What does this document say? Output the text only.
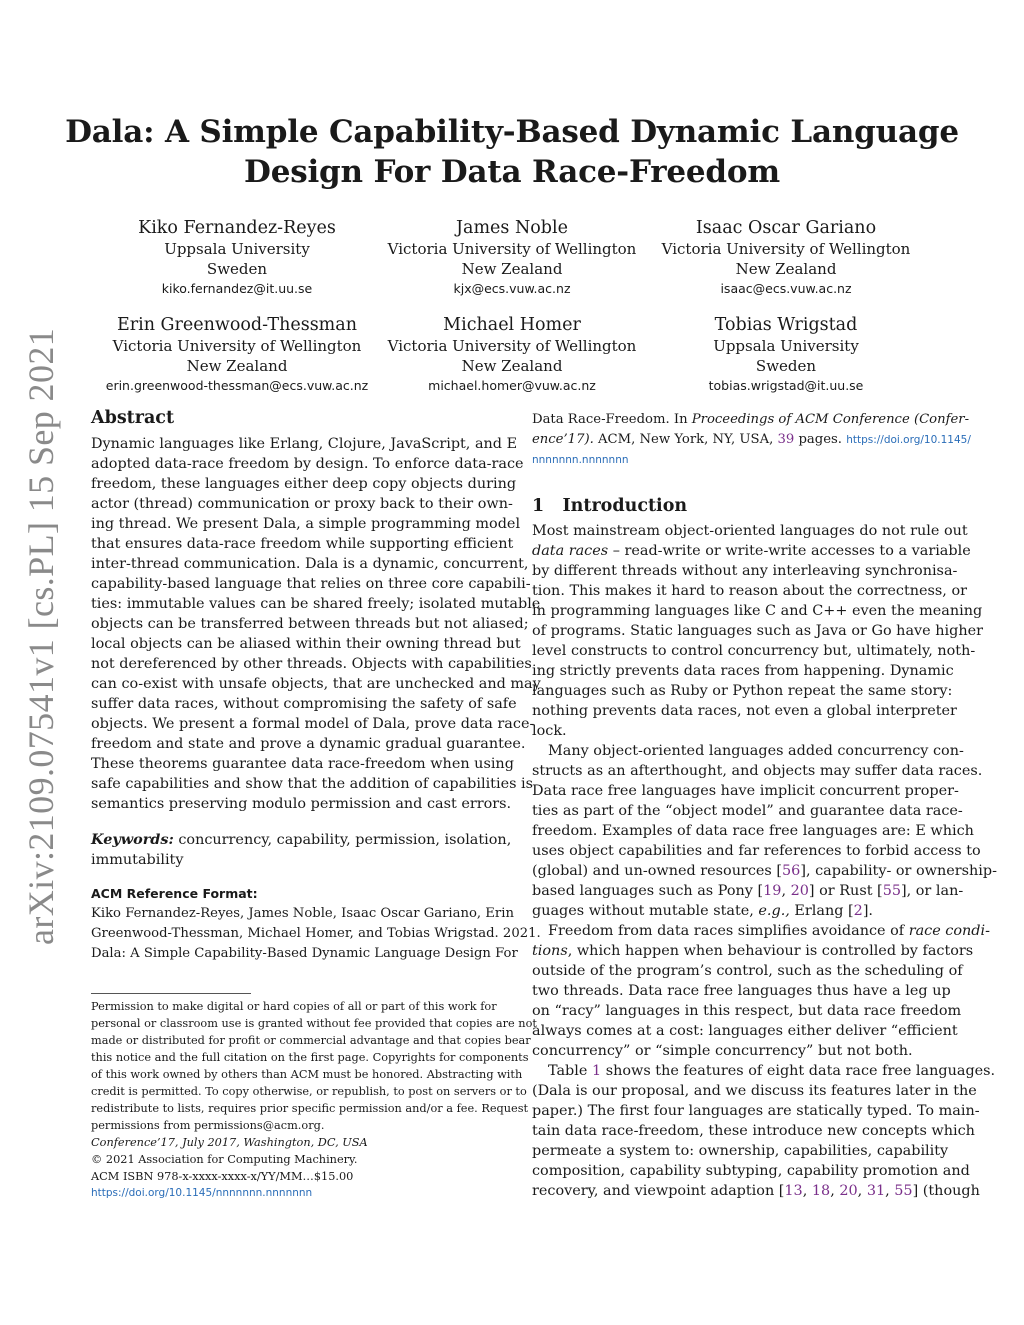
arXiv:2109.07541v1 [cs.PL] 15 Sep 2021
Dala: A Simple Capability-Based Dynamic Language
Design For Data Race-Freedom
Kiko Fernandez-Reyes
Uppsala University
Sweden
kiko.fernandez@it.uu.se
James Noble
Victoria University of Wellington
New Zealand
kjx@ecs.vuw.ac.nz
Isaac Oscar Gariano
Victoria University of Wellington
New Zealand
isaac@ecs.vuw.ac.nz
Erin Greenwood-Thessman
Victoria University of Wellington
New Zealand
erin.greenwood-thessman@ecs.vuw.ac.nz
Michael Homer
Victoria University of Wellington
New Zealand
michael.homer@vuw.ac.nz
Tobias Wrigstad
Uppsala University
Sweden
tobias.wrigstad@it.uu.se
Abstract
Dynamic languages like Erlang, Clojure, JavaScript, and E
adopted data-race freedom by design. To enforce data-race
freedom, these languages either deep copy objects during
actor (thread) communication or proxy back to their own-
ing thread. We present Dala, a simple programming model
that ensures data-race freedom while supporting efficient
inter-thread communication. Dala is a dynamic, concurrent,
capability-based language that relies on three core capabili-
ties: immutable values can be shared freely; isolated mutable
objects can be transferred between threads but not aliased;
local objects can be aliased within their owning thread but
not dereferenced by other threads. Objects with capabilities
can co-exist with unsafe objects, that are unchecked and may
suffer data races, without compromising the safety of safe
objects. We present a formal model of Dala, prove data race-
freedom and state and prove a dynamic gradual guarantee.
These theorems guarantee data race-freedom when using
safe capabilities and show that the addition of capabilities is
semantics preserving modulo permission and cast errors.
Keywords: concurrency, capability, permission, isolation,
immutability
ACM Reference Format:
Kiko Fernandez-Reyes, James Noble, Isaac Oscar Gariano, Erin
Greenwood-Thessman, Michael Homer, and Tobias Wrigstad. 2021.
Dala: A Simple Capability-Based Dynamic Language Design For
Permission to make digital or hard copies of all or part of this work for
personal or classroom use is granted without fee provided that copies are not
made or distributed for profit or commercial advantage and that copies bear
this notice and the full citation on the first page. Copyrights for components
of this work owned by others than ACM must be honored. Abstracting with
credit is permitted. To copy otherwise, or republish, to post on servers or to
redistribute to lists, requires prior specific permission and/or a fee. Request
permissions from permissions@acm.org.
Conference’17, July 2017, Washington, DC, USA
© 2021 Association for Computing Machinery.
ACM ISBN 978-x-xxxx-xxxx-x/YY/MM…$15.00
https://doi.org/10.1145/nnnnnnn.nnnnnnn
Data Race-Freedom. In Proceedings of ACM Conference (Confer-
ence’17). ACM, New York, NY, USA, 39 pages. https://doi.org/10.1145/
nnnnnnn.nnnnnnn
1 Introduction
Most mainstream object-oriented languages do not rule out
data races – read-write or write-write accesses to a variable
by different threads without any interleaving synchronisa-
tion. This makes it hard to reason about the correctness, or
in programming languages like C and C++ even the meaning
of programs. Static languages such as Java or Go have higher
level constructs to control concurrency but, ultimately, noth-
ing strictly prevents data races from happening. Dynamic
languages such as Ruby or Python repeat the same story:
nothing prevents data races, not even a global interpreter
lock.
Many object-oriented languages added concurrency con-
structs as an afterthought, and objects may suffer data races.
Data race free languages have implicit concurrent proper-
ties as part of the “object model” and guarantee data race-
freedom. Examples of data race free languages are: E which
uses object capabilities and far references to forbid access to
(global) and un-owned resources [56], capability- or ownership-
based languages such as Pony [19, 20] or Rust [55], or lan-
guages without mutable state, e.g., Erlang [2].
Freedom from data races simplifies avoidance of race condi-
tions, which happen when behaviour is controlled by factors
outside of the program’s control, such as the scheduling of
two threads. Data race free languages thus have a leg up
on “racy” languages in this respect, but data race freedom
always comes at a cost: languages either deliver “efficient
concurrency” or “simple concurrency” but not both.
Table 1 shows the features of eight data race free languages.
(Dala is our proposal, and we discuss its features later in the
paper.) The first four languages are statically typed. To main-
tain data race-freedom, these introduce new concepts which
permeate a system to: ownership, capabilities, capability
composition, capability subtyping, capability promotion and
recovery, and viewpoint adaption [13, 18, 20, 31, 55] (though
